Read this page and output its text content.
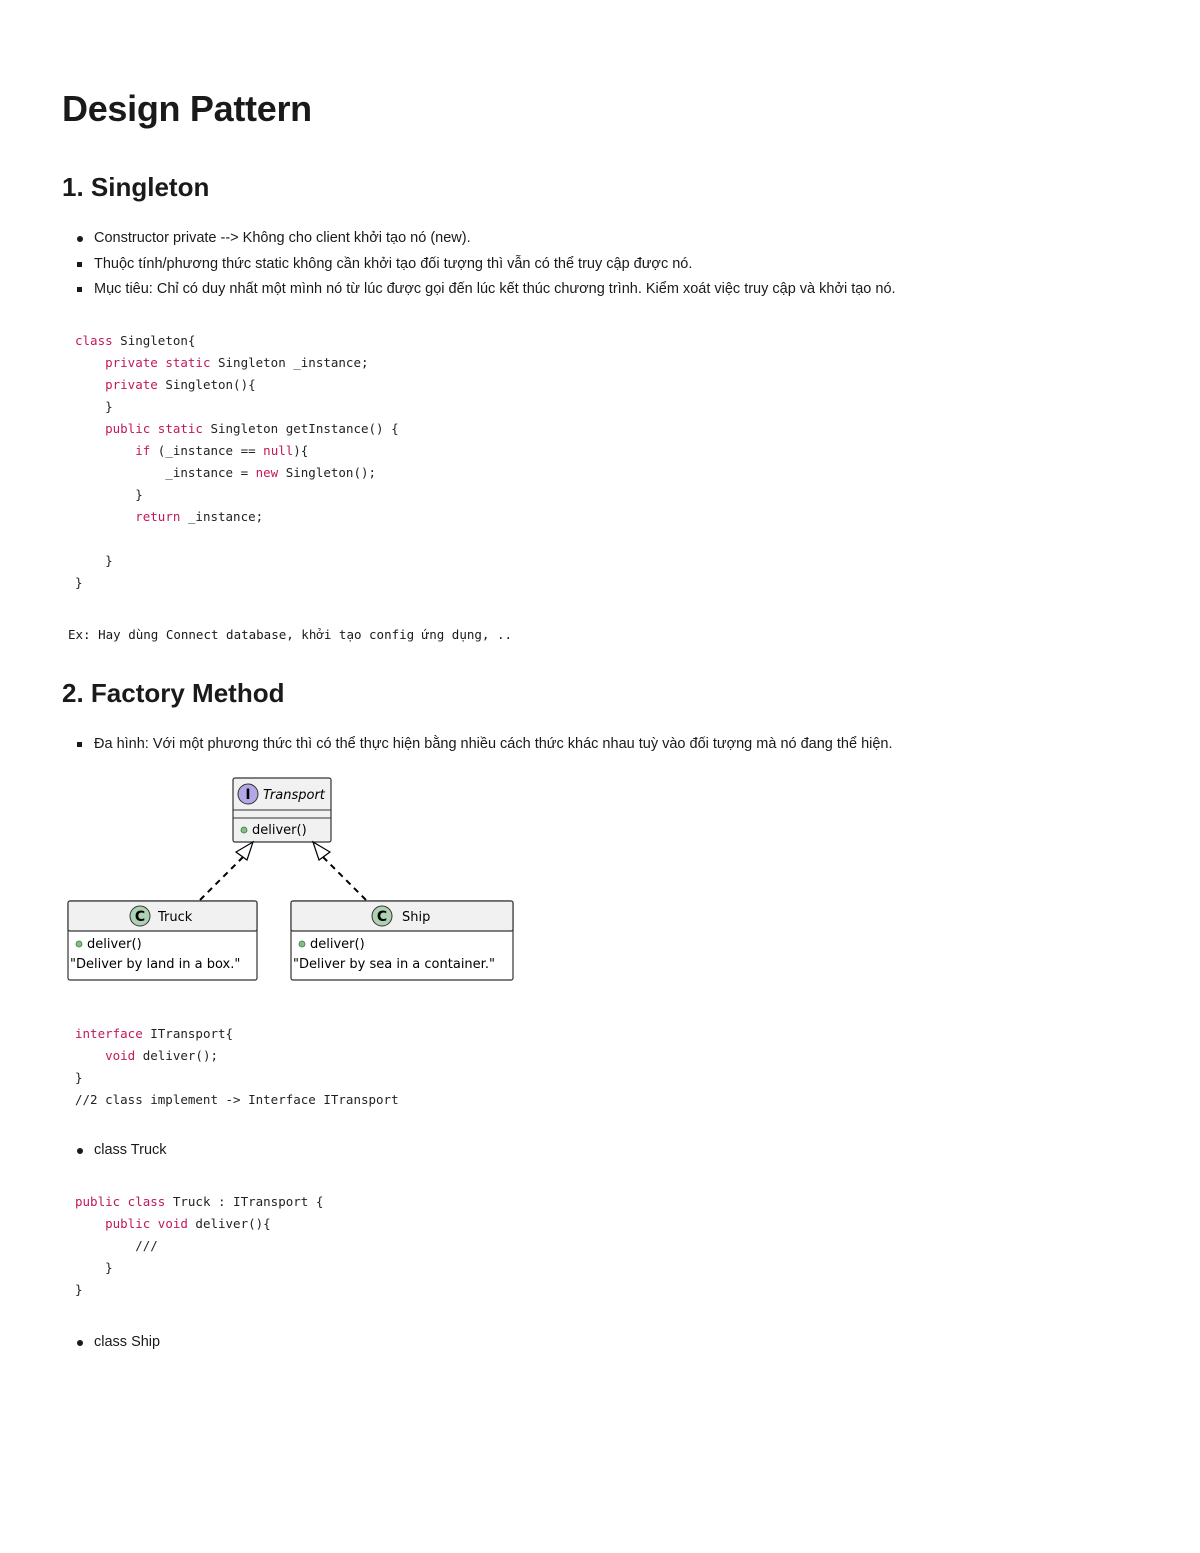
Design Pattern
1. Singleton
Constructor private --> Không cho client khởi tạo nó (new).
Thuộc tính/phương thức static không cần khởi tạo đối tượng thì vẫn có thể truy cập được nó.
Mục tiêu: Chỉ có duy nhất một mình nó từ lúc được gọi đến lúc kết thúc chương trình. Kiểm xoát việc truy cập và khởi tạo nó.
class Singleton{
private static Singleton _instance;
private Singleton(){
}
public static Singleton getInstance() {
if (_instance == null){
_instance = new Singleton();
}
return _instance;

}
}
Ex: Hay dùng Connect database, khởi tạo config ứng dụng, ..
2. Factory Method
Đa hình: Với một phương thức thì có thể thực hiện bằng nhiều cách thức khác nhau tuỳ vào đối tượng mà nó đang thể hiện.
I Transport
deliver()
C Truck
deliver()
"Deliver by land in a box."
C Ship
deliver()
"Deliver by sea in a container."
interface ITransport{
void deliver();
}
//2 class implement -> Interface ITransport
class Truck
public class Truck : ITransport {
public void deliver(){
///
}
}
class Ship
